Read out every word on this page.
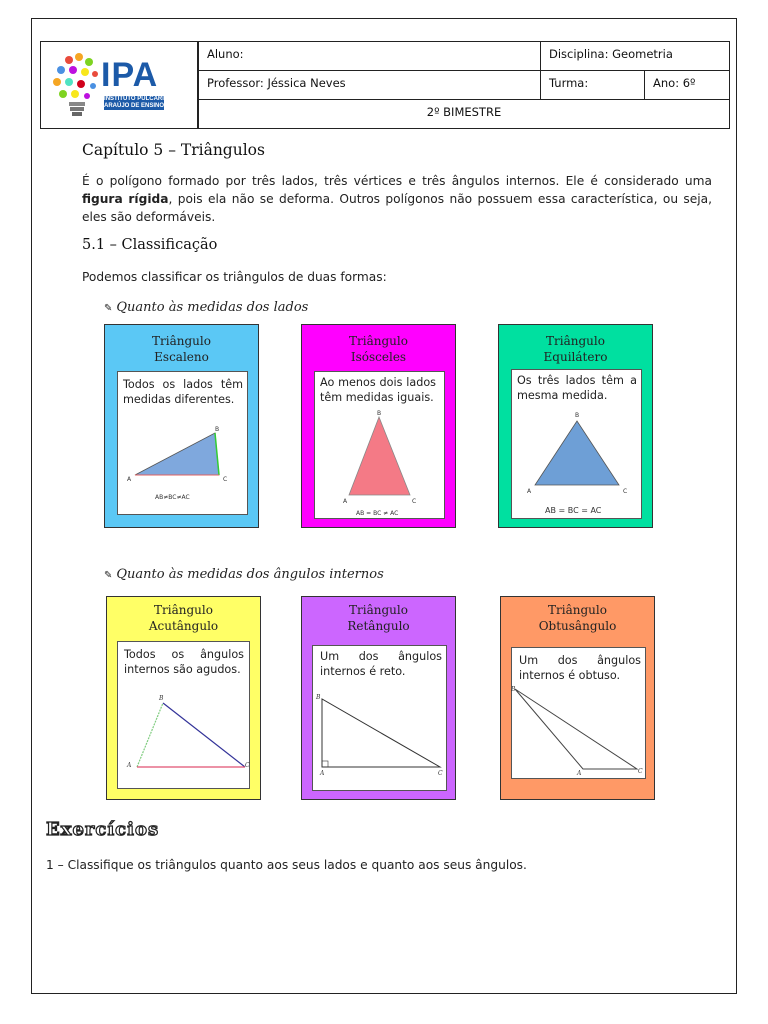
IPA
INSTITUTO PULCARI ARAÚJO DE ENSINO
Aluno:	Disciplina: Geometria
Professor: Jéssica Neves	Turma:	Ano: 6º
2º BIMESTRE
Capítulo 5 – Triângulos
É o polígono formado por três lados, três vértices e três ângulos internos. Ele é considerado uma figura rígida, pois ela não se deforma. Outros polígonos não possuem essa característica, ou seja, eles são deformáveis.
5.1 – Classificação
Podemos classificar os triângulos de duas formas:
✎ Quanto às medidas dos lados
Triângulo
Escaleno
Todos os lados têm medidas diferentes.
A
B
C
AB≠BC≠AC
Triângulo
Isósceles
Ao menos dois lados têm medidas iguais.
B
A	C
AB = BC ≠ AC
Triângulo
Equilátero
Os três lados têm a mesma medida.
B
A	C
AB = BC = AC
✎ Quanto às medidas dos ângulos internos
Triângulo
Acutângulo
Todos os ângulos internos são agudos.
B
A	C
Triângulo
Retângulo
Um dos ângulos internos é reto.
B
A	C
Triângulo
Obtusângulo
Um dos ângulos internos é obtuso.
B
A	C
Exercícios
1 – Classifique os triângulos quanto aos seus lados e quanto aos seus ângulos.
